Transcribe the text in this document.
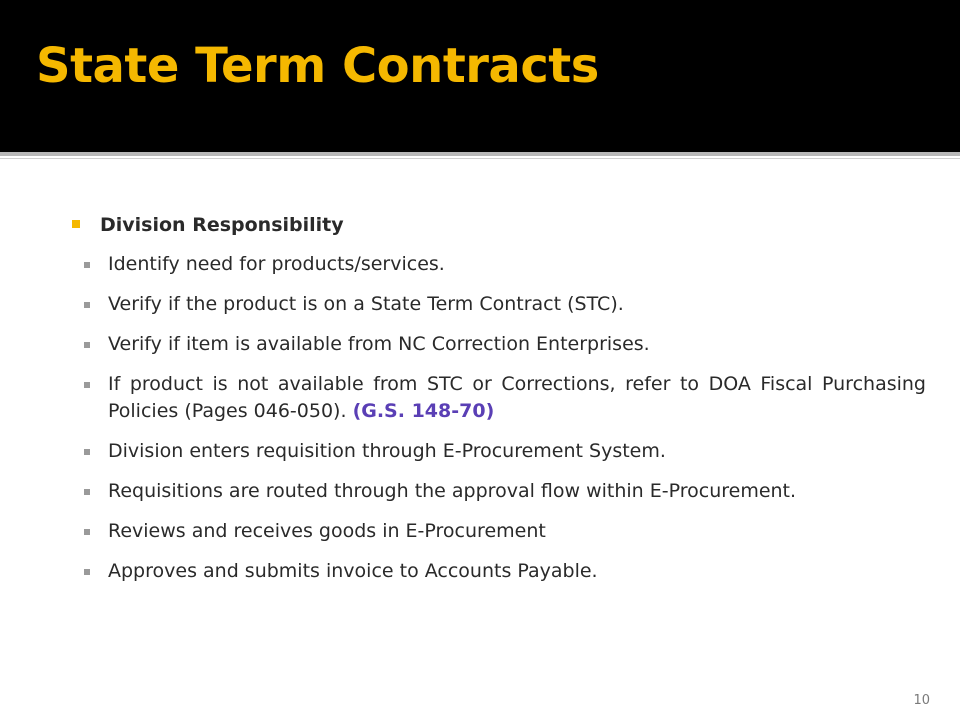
State Term Contracts
Division Responsibility
Identify need for products/services.
Verify if the product is on a State Term Contract (STC).
Verify if item is available from NC Correction Enterprises.
If product is not available from STC or Corrections, refer to DOA Fiscal Purchasing Policies (Pages 046-050). (G.S. 148-70)
Division enters requisition through E-Procurement System.
Requisitions are routed through the approval flow within E-Procurement.
Reviews and receives goods in E-Procurement
Approves and submits invoice to Accounts Payable.
10
